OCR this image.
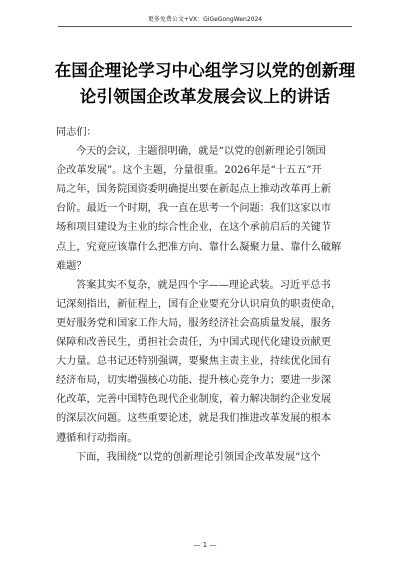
更多免费公文+VX：GiGeGongWen2024
在国企理论学习中心组学习以党的创新理
论引领国企改革发展会议上的讲话
同志们：
今天的会议，主题很明确，就是“以党的创新理论引领国
企改革发展”。这个主题，分量很重。2026年是“十五五”开
局之年，国务院国资委明确提出要在新起点上推动改革再上新
台阶。最近一个时期，我一直在思考一个问题：我们这家以市
场和项目建设为主业的综合性企业，在这个承前启后的关键节
点上，究竟应该靠什么把准方向、靠什么凝聚力量、靠什么破解
难题？
答案其实不复杂，就是四个字——理论武装。习近平总书
记深刻指出，新征程上，国有企业要充分认识肩负的职责使命，
更好服务党和国家工作大局，服务经济社会高质量发展，服务
保障和改善民生，勇担社会责任，为中国式现代化建设贡献更
大力量。总书记还特别强调，要聚焦主责主业，持续优化国有
经济布局，切实增强核心功能、提升核心竞争力；要进一步深
化改革，完善中国特色现代企业制度，着力解决制约企业发展
的深层次问题。这些重要论述，就是我们推进改革发展的根本
遵循和行动指南。
下面，我围绕“以党的创新理论引领国企改革发展”这个
— 1 —
